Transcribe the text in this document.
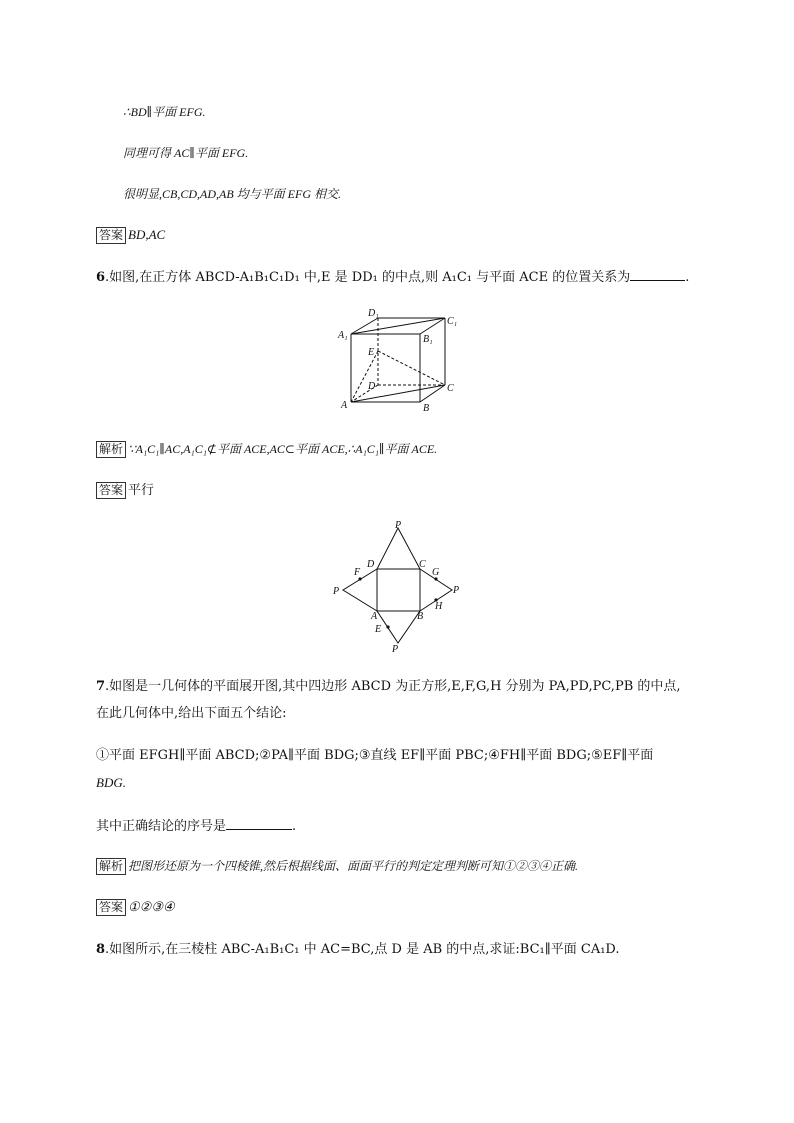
∴BD∥平面 EFG.
同理可得 AC∥平面 EFG.
很明显,CB,CD,AD,AB 均与平面 EFG 相交.
答案 BD,AC
6.如图,在正方体 ABCD-A₁B₁C₁D₁ 中,E 是 DD₁ 的中点,则 A₁C₁ 与平面 ACE 的位置关系为	.
D₁
C₁
A₁	B₁
E
D	C
A	B
解析 ∵A₁C₁∥AC,A₁C₁⊄平面 ACE,AC⊂平面 ACE,∴A₁C₁∥平面 ACE.
答案 平行
P
D	C
G
P
H
F
P
A	B
E
P
7.如图是一几何体的平面展开图,其中四边形 ABCD 为正方形,E,F,G,H 分别为 PA,PD,PC,PB 的中点,
在此几何体中,给出下面五个结论:
①平面 EFGH∥平面 ABCD;②PA∥平面 BDG;③直线 EF∥平面 PBC;④FH∥平面 BDG;⑤EF∥平面
BDG.
其中正确结论的序号是	.
解析 把图形还原为一个四棱锥,然后根据线面、面面平行的判定定理判断可知①②③④正确.
答案 ①②③④
8.如图所示,在三棱柱 ABC-A₁B₁C₁ 中 AC=BC,点 D 是 AB 的中点,求证:BC₁∥平面 CA₁D.
